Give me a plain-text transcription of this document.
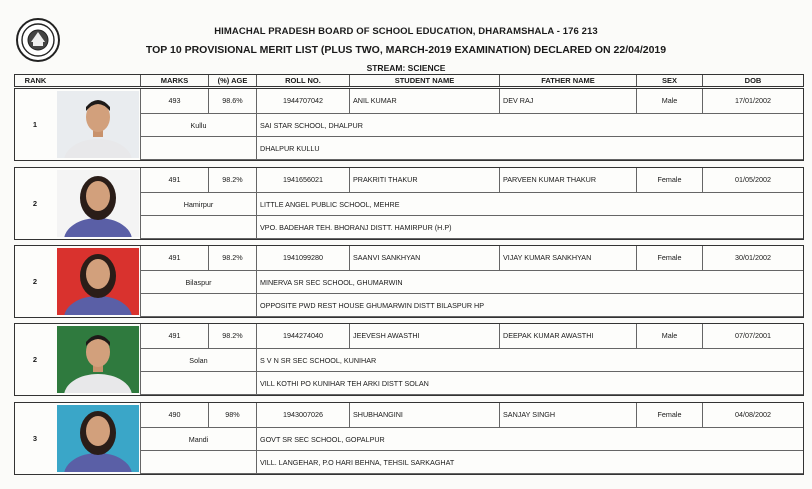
HIMACHAL PRADESH BOARD OF SCHOOL EDUCATION, DHARAMSHALA - 176 213
TOP 10 PROVISIONAL MERIT LIST (PLUS TWO, MARCH-2019 EXAMINATION) DECLARED ON 22/04/2019
STREAM: SCIENCE
RANK	MARKS	(%) AGE	ROLL NO.	STUDENT NAME	FATHER NAME	SEX	DOB
1
493	98.6%	1944707042	ANIL KUMAR	DEV RAJ	Male	17/01/2002
Kullu	SAI STAR SCHOOL, DHALPUR
DHALPUR KULLU
2
491	98.2%	1941656021	PRAKRITI THAKUR	PARVEEN KUMAR THAKUR	Female	01/05/2002
Hamirpur	LITTLE ANGEL PUBLIC SCHOOL, MEHRE
VPO. BADEHAR TEH. BHORANJ DISTT. HAMIRPUR (H.P)
2
491	98.2%	1941099280	SAANVI SANKHYAN	VIJAY KUMAR SANKHYAN	Female	30/01/2002
Bilaspur	MINERVA SR SEC SCHOOL, GHUMARWIN
OPPOSITE PWD REST HOUSE GHUMARWIN DISTT BILASPUR HP
2
491	98.2%	1944274040	JEEVESH AWASTHI	DEEPAK KUMAR AWASTHI	Male	07/07/2001
Solan	S V N SR SEC SCHOOL, KUNIHAR
VILL KOTHI PO KUNIHAR TEH ARKI DISTT SOLAN
3
490	98%	1943007026	SHUBHANGINI	SANJAY SINGH	Female	04/08/2002
Mandi	GOVT SR SEC SCHOOL, GOPALPUR
VILL. LANGEHAR, P.O HARI BEHNA, TEHSIL SARKAGHAT
